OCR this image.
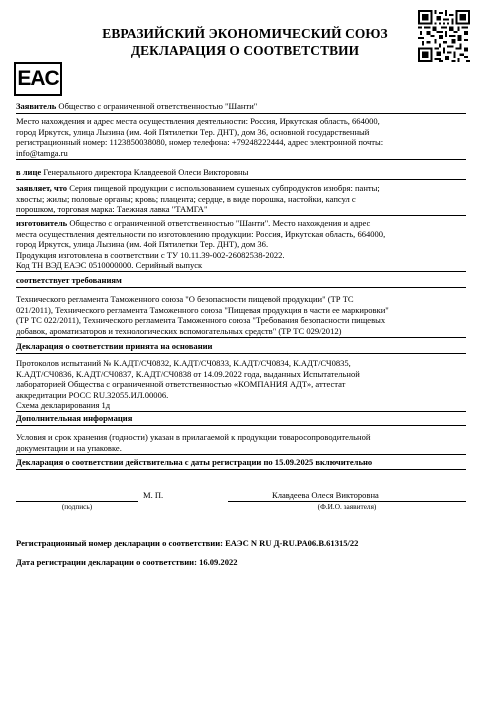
ЕВРАЗИЙСКИЙ ЭКОНОМИЧЕСКИЙ СОЮЗ
ДЕКЛАРАЦИЯ О СООТВЕТСТВИИ
EAC
Заявитель Общество с ограниченной ответственностью "Шанти"
Место нахождения и адрес места осуществления деятельности: Россия, Иркутская область, 664000,
город Иркутск, улица Лызина (им. 4ой Пятилетки Тер. ДНТ), дом 36, основной государственный
регистрационный номер: 1123850038080, номер телефона: +79248222444, адрес электронной почты:
info@tamga.ru
в лице Генерального директора Клавдеевой Олеси Викторовны
заявляет, что Серия пищевой продукции с использованием сушеных субпродуктов изюбря: панты;
хвосты; жилы; половые органы; кровь; плацента; сердце, в виде порошка, настойки, капсул с
порошком, торговая марка: Таежная лавка "ТАМГА"
изготовитель Общество с ограниченной ответственностью "Шанти". Место нахождения и адрес
места осуществления деятельности по изготовлению продукции: Россия, Иркутская область, 664000,
город Иркутск, улица Лызина (им. 4ой Пятилетки Тер. ДНТ), дом 36.
Продукция изготовлена в соответствии с ТУ 10.11.39-002-26082538-2022.
Код ТН ВЭД ЕАЭС 0510000000. Серийный выпуск
соответствует требованиям
Технического регламента Таможенного союза "О безопасности пищевой продукции" (ТР ТС
021/2011), Технического регламента Таможенного союза "Пищевая продукция в части ее маркировки"
(ТР ТС 022/2011), Технического регламента Таможенного союза "Требования безопасности пищевых
добавок, ароматизаторов и технологических вспомогательных средств" (ТР ТС 029/2012)
Декларация о соответствии принята на основании
Протоколов испытаний № К.АДТ/СЧ0832, К.АДТ/СЧ0833, К.АДТ/СЧ0834, К.АДТ/СЧ0835,
К.АДТ/СЧ0836, К.АДТ/СЧ0837, К.АДТ/СЧ0838 от 14.09.2022 года, выданных Испытательной
лабораторией Общества с ограниченной ответственностью «КОМПАНИЯ АДТ», аттестат
аккредитации РОСС RU.32055.ИЛ.00006.
Схема декларирования 1д
Дополнительная информация
Условия и срок хранения (годности) указан в прилагаемой к продукции товаросопроводительной
документации и на упаковке.
Декларация о соответствии действительна с даты регистрации по 15.09.2025 включительно
М. П.	Клавдеева Олеся Викторовна
(подпись)	(Ф.И.О. заявителя)
Регистрационный номер декларации о соответствии: ЕАЭС N RU Д-RU.PA06.B.61315/22
Дата регистрации декларации о соответствии: 16.09.2022
